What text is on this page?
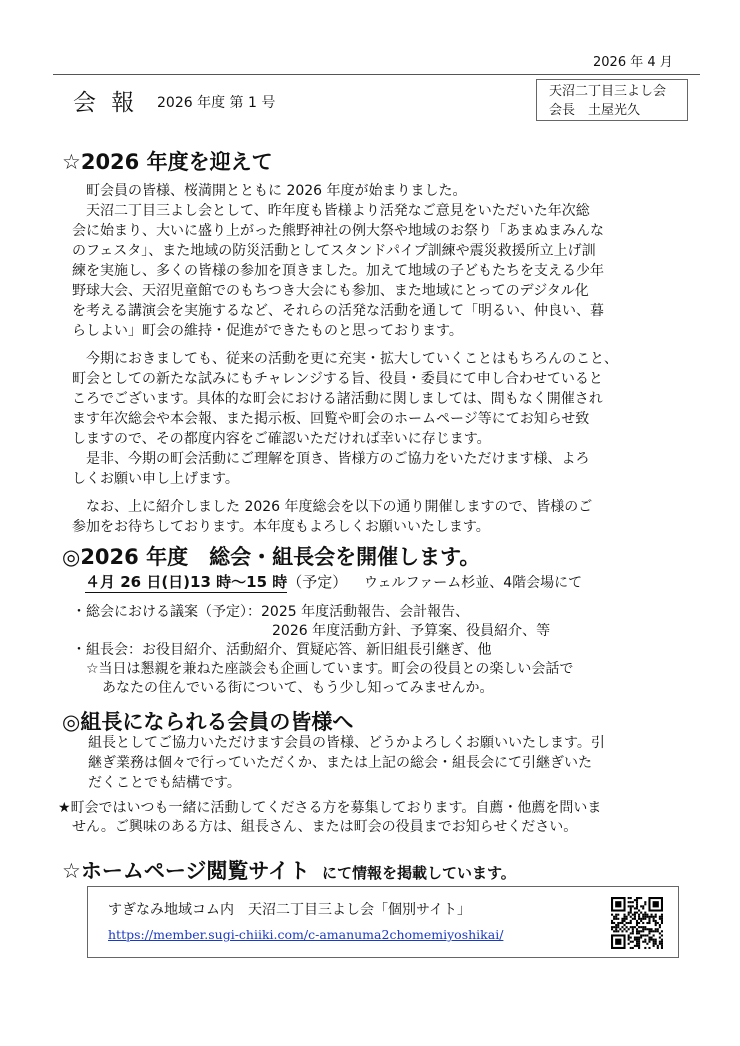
2026 年 4 月
会 報 2026 年度 第 1 号
天沼二丁目三よし会
会長　土屋光久
☆2026 年度を迎えて

　町会員の皆様、桜満開とともに 2026 年度が始まりました。

　天沼二丁目三よし会として、昨年度も皆様より活発なご意見をいただいた年次総

会に始まり、大いに盛り上がった熊野神社の例大祭や地域のお祭り「あまぬまみんな

のフェスタ」、また地域の防災活動としてスタンドパイプ訓練や震災救援所立上げ訓

練を実施し、多くの皆様の参加を頂きました。加えて地域の子どもたちを支える少年

野球大会、天沼児童館でのもちつき大会にも参加、また地域にとってのデジタル化

を考える講演会を実施するなど、それらの活発な活動を通して「明るい、仲良い、暮

らしよい」町会の維持・促進ができたものと思っております。

　今期におきましても、従来の活動を更に充実・拡大していくことはもちろんのこと、

町会としての新たな試みにもチャレンジする旨、役員・委員にて申し合わせていると

ころでございます。具体的な町会における諸活動に関しましては、間もなく開催され

ます年次総会や本会報、また掲示板、回覧や町会のホームページ等にてお知らせ致

しますので、その都度内容をご確認いただければ幸いに存じます。

　是非、今期の町会活動にご理解を頂き、皆様方のご協力をいただけます様、よろ

しくお願い申し上げます。

　なお、上に紹介しました 2026 年度総会を以下の通り開催しますので、皆様のご

参加をお待ちしております。本年度もよろしくお願いいたします。

◎2026 年度　総会・組長会を開催します。
４月 26 日(日)13 時～15 時（予定） ウェルファーム杉並、4階会場にて
・総会における議案（予定）：2025 年度活動報告、会計報告、
2026 年度活動方針、予算案、役員紹介、等
・組長会：お役目紹介、活動紹介、質疑応答、新旧組長引継ぎ、他
☆当日は懇親を兼ねた座談会も企画しています。町会の役員との楽しい会話で
あなたの住んでいる街について、もう少し知ってみませんか。
◎組長になられる会員の皆様へ

組長としてご協力いただけます会員の皆様、どうかよろしくお願いいたします。引

継ぎ業務は個々で行っていただくか、または上記の総会・組長会にて引継ぎいた

だくことでも結構です。

★町会ではいつも一緒に活動してくださる方を募集しております。自薦・他薦を問いま
せん。ご興味のある方は、組長さん、または町会の役員までお知らせください。
☆ホームページ閲覧サイト にて情報を掲載しています。
すぎなみ地域コム内　天沼二丁目三よし会「個別サイト」
https://member.sugi-chiiki.com/c-amanuma2chomemiyoshikai/
